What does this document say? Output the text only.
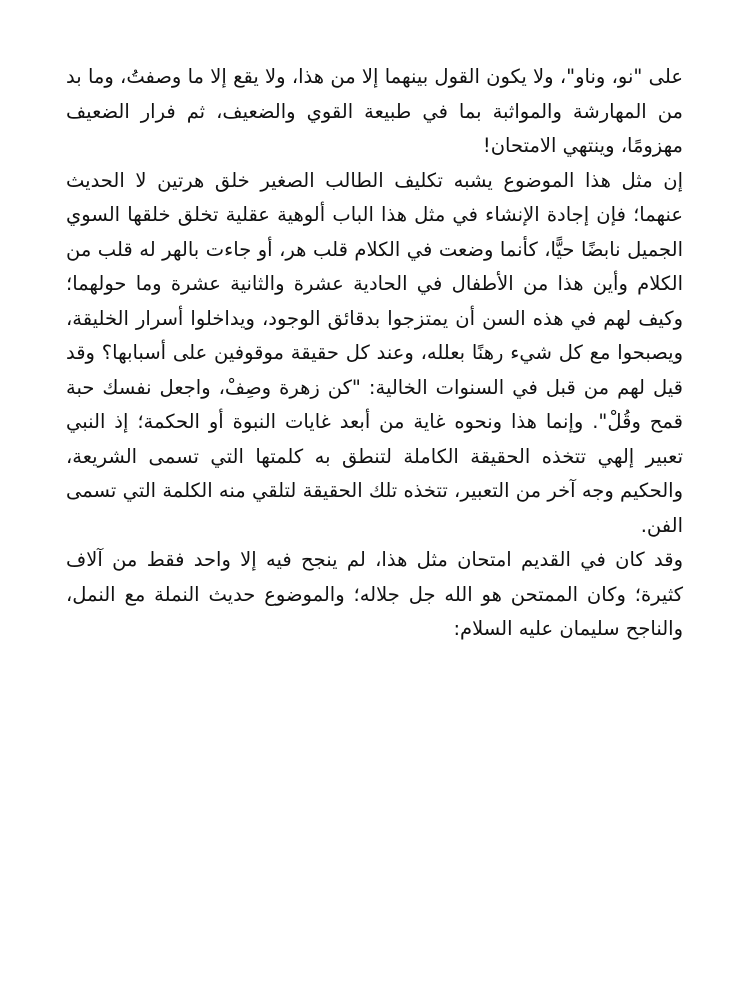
على "نو، وناو"، ولا يكون القول بينهما إلا من هذا، ولا يقع إلا ما وصفتُ، وما بد من المهارشة والمواثبة بما في طبيعة القوي والضعيف، ثم فرار الضعيف مهزومًا، وينتهي الامتحان!

إن مثل هذا الموضوع يشبه تكليف الطالب الصغير خلق هرتين لا الحديث عنهما؛ فإن إجادة الإنشاء في مثل هذا الباب ألوهية عقلية تخلق خلقها السوي الجميل نابضًا حيًّا، كأنما وضعت في الكلام قلب هر، أو جاءت بالهر له قلب من الكلام وأين هذا من الأطفال في الحادية عشرة والثانية عشرة وما حولهما؛ وكيف لهم في هذه السن أن يمتزجوا بدقائق الوجود، ويداخلوا أسرار الخليقة، ويصبحوا مع كل شيء رهنًا بعلله، وعند كل حقيقة موقوفين على أسبابها؟ وقد قيل لهم من قبل في السنوات الخالية: "كن زهرة وصِفْ، واجعل نفسك حبة قمح وقُلْ". وإنما هذا ونحوه غاية من أبعد غايات النبوة أو الحكمة؛ إذ النبي تعبير إلهي تتخذه الحقيقة الكاملة لتنطق به كلمتها التي تسمى الشريعة، والحكيم وجه آخر من التعبير، تتخذه تلك الحقيقة لتلقي منه الكلمة التي تسمى الفن.

وقد كان في القديم امتحان مثل هذا، لم ينجح فيه إلا واحد فقط من آلاف كثيرة؛ وكان الممتحن هو الله جل جلاله؛ والموضوع حديث النملة مع النمل، والناجح سليمان عليه السلام:
